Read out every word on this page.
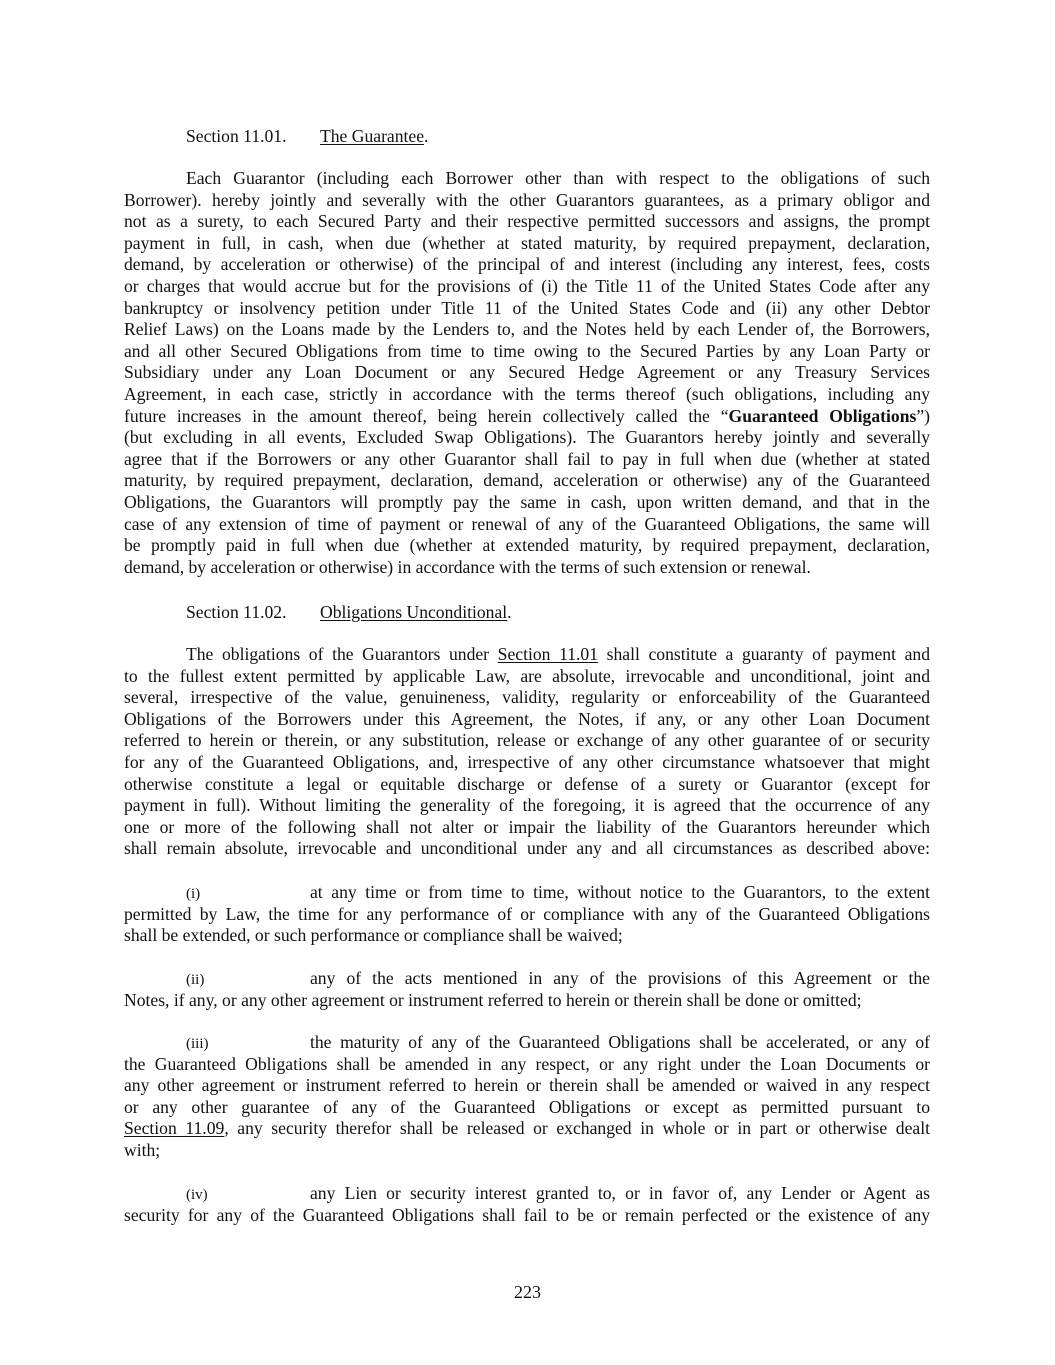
Section 11.01. The Guarantee.
Each Guarantor (including each Borrower other than with respect to the obligations of such
Borrower). hereby jointly and severally with the other Guarantors guarantees, as a primary obligor and
not as a surety, to each Secured Party and their respective permitted successors and assigns, the prompt
payment in full, in cash, when due (whether at stated maturity, by required prepayment, declaration,
demand, by acceleration or otherwise) of the principal of and interest (including any interest, fees, costs
or charges that would accrue but for the provisions of (i) the Title 11 of the United States Code after any
bankruptcy or insolvency petition under Title 11 of the United States Code and (ii) any other Debtor
Relief Laws) on the Loans made by the Lenders to, and the Notes held by each Lender of, the Borrowers,
and all other Secured Obligations from time to time owing to the Secured Parties by any Loan Party or
Subsidiary under any Loan Document or any Secured Hedge Agreement or any Treasury Services
Agreement, in each case, strictly in accordance with the terms thereof (such obligations, including any
future increases in the amount thereof, being herein collectively called the “Guaranteed Obligations”)
(but excluding in all events, Excluded Swap Obligations). The Guarantors hereby jointly and severally
agree that if the Borrowers or any other Guarantor shall fail to pay in full when due (whether at stated
maturity, by required prepayment, declaration, demand, acceleration or otherwise) any of the Guaranteed
Obligations, the Guarantors will promptly pay the same in cash, upon written demand, and that in the
case of any extension of time of payment or renewal of any of the Guaranteed Obligations, the same will
be promptly paid in full when due (whether at extended maturity, by required prepayment, declaration,
demand, by acceleration or otherwise) in accordance with the terms of such extension or renewal.
Section 11.02. Obligations Unconditional.
The obligations of the Guarantors under Section 11.01 shall constitute a guaranty of payment and
to the fullest extent permitted by applicable Law, are absolute, irrevocable and unconditional, joint and
several, irrespective of the value, genuineness, validity, regularity or enforceability of the Guaranteed
Obligations of the Borrowers under this Agreement, the Notes, if any, or any other Loan Document
referred to herein or therein, or any substitution, release or exchange of any other guarantee of or security
for any of the Guaranteed Obligations, and, irrespective of any other circumstance whatsoever that might
otherwise constitute a legal or equitable discharge or defense of a surety or Guarantor (except for
payment in full). Without limiting the generality of the foregoing, it is agreed that the occurrence of any
one or more of the following shall not alter or impair the liability of the Guarantors hereunder which
shall remain absolute, irrevocable and unconditional under any and all circumstances as described above:
(i)	at any time or from time to time, without notice to the Guarantors, to the extent
permitted by Law, the time for any performance of or compliance with any of the Guaranteed Obligations
shall be extended, or such performance or compliance shall be waived;
(ii)	any of the acts mentioned in any of the provisions of this Agreement or the
Notes, if any, or any other agreement or instrument referred to herein or therein shall be done or omitted;
(iii)	the maturity of any of the Guaranteed Obligations shall be accelerated, or any of
the Guaranteed Obligations shall be amended in any respect, or any right under the Loan Documents or
any other agreement or instrument referred to herein or therein shall be amended or waived in any respect
or any other guarantee of any of the Guaranteed Obligations or except as permitted pursuant to
Section 11.09, any security therefor shall be released or exchanged in whole or in part or otherwise dealt
with;
(iv)	any Lien or security interest granted to, or in favor of, any Lender or Agent as
security for any of the Guaranteed Obligations shall fail to be or remain perfected or the existence of any
223
